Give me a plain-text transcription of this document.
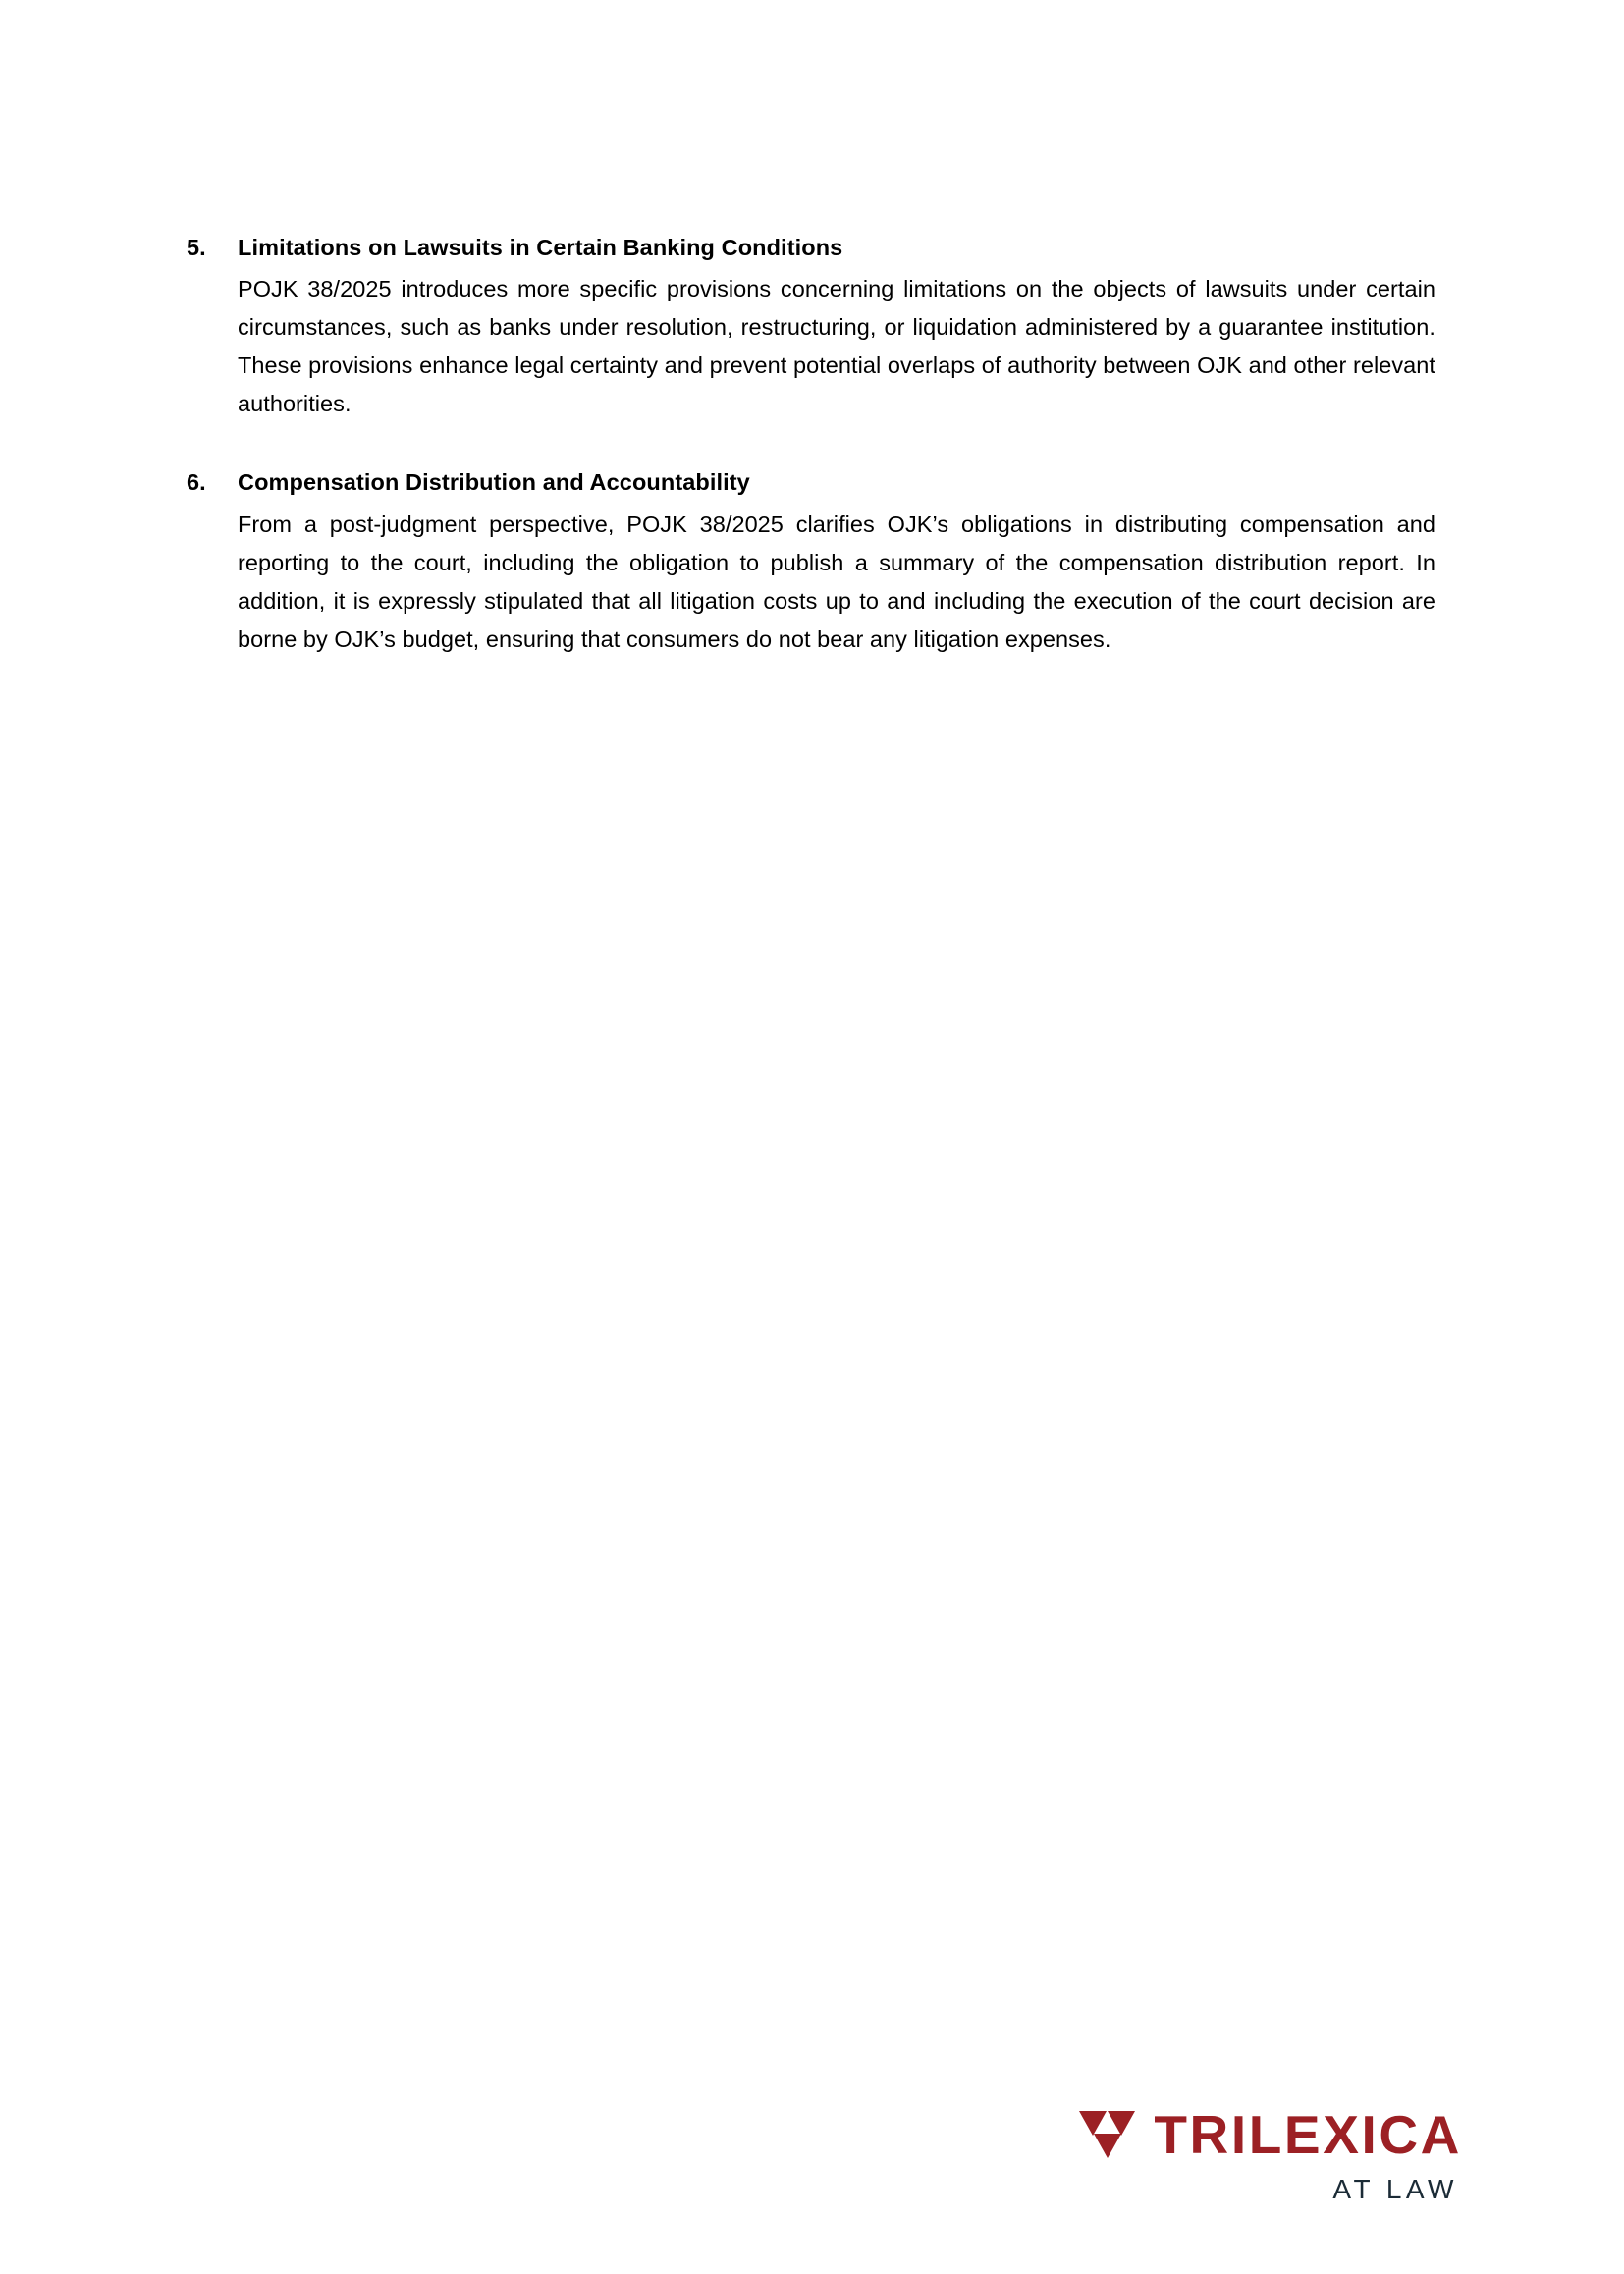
5.	Limitations on Lawsuits in Certain Banking Conditions

POJK 38/2025 introduces more specific provisions concerning limitations on the objects of lawsuits under certain circumstances, such as banks under resolution, restructuring, or liquidation administered by a guarantee institution. These provisions enhance legal certainty and prevent potential overlaps of authority between OJK and other relevant authorities.

6.	Compensation Distribution and Accountability

From a post-judgment perspective, POJK 38/2025 clarifies OJK’s obligations in distributing compensation and reporting to the court, including the obligation to publish a summary of the compensation distribution report. In addition, it is expressly stipulated that all litigation costs up to and including the execution of the court decision are borne by OJK’s budget, ensuring that consumers do not bear any litigation expenses.

TRILEXICA
AT LAW
